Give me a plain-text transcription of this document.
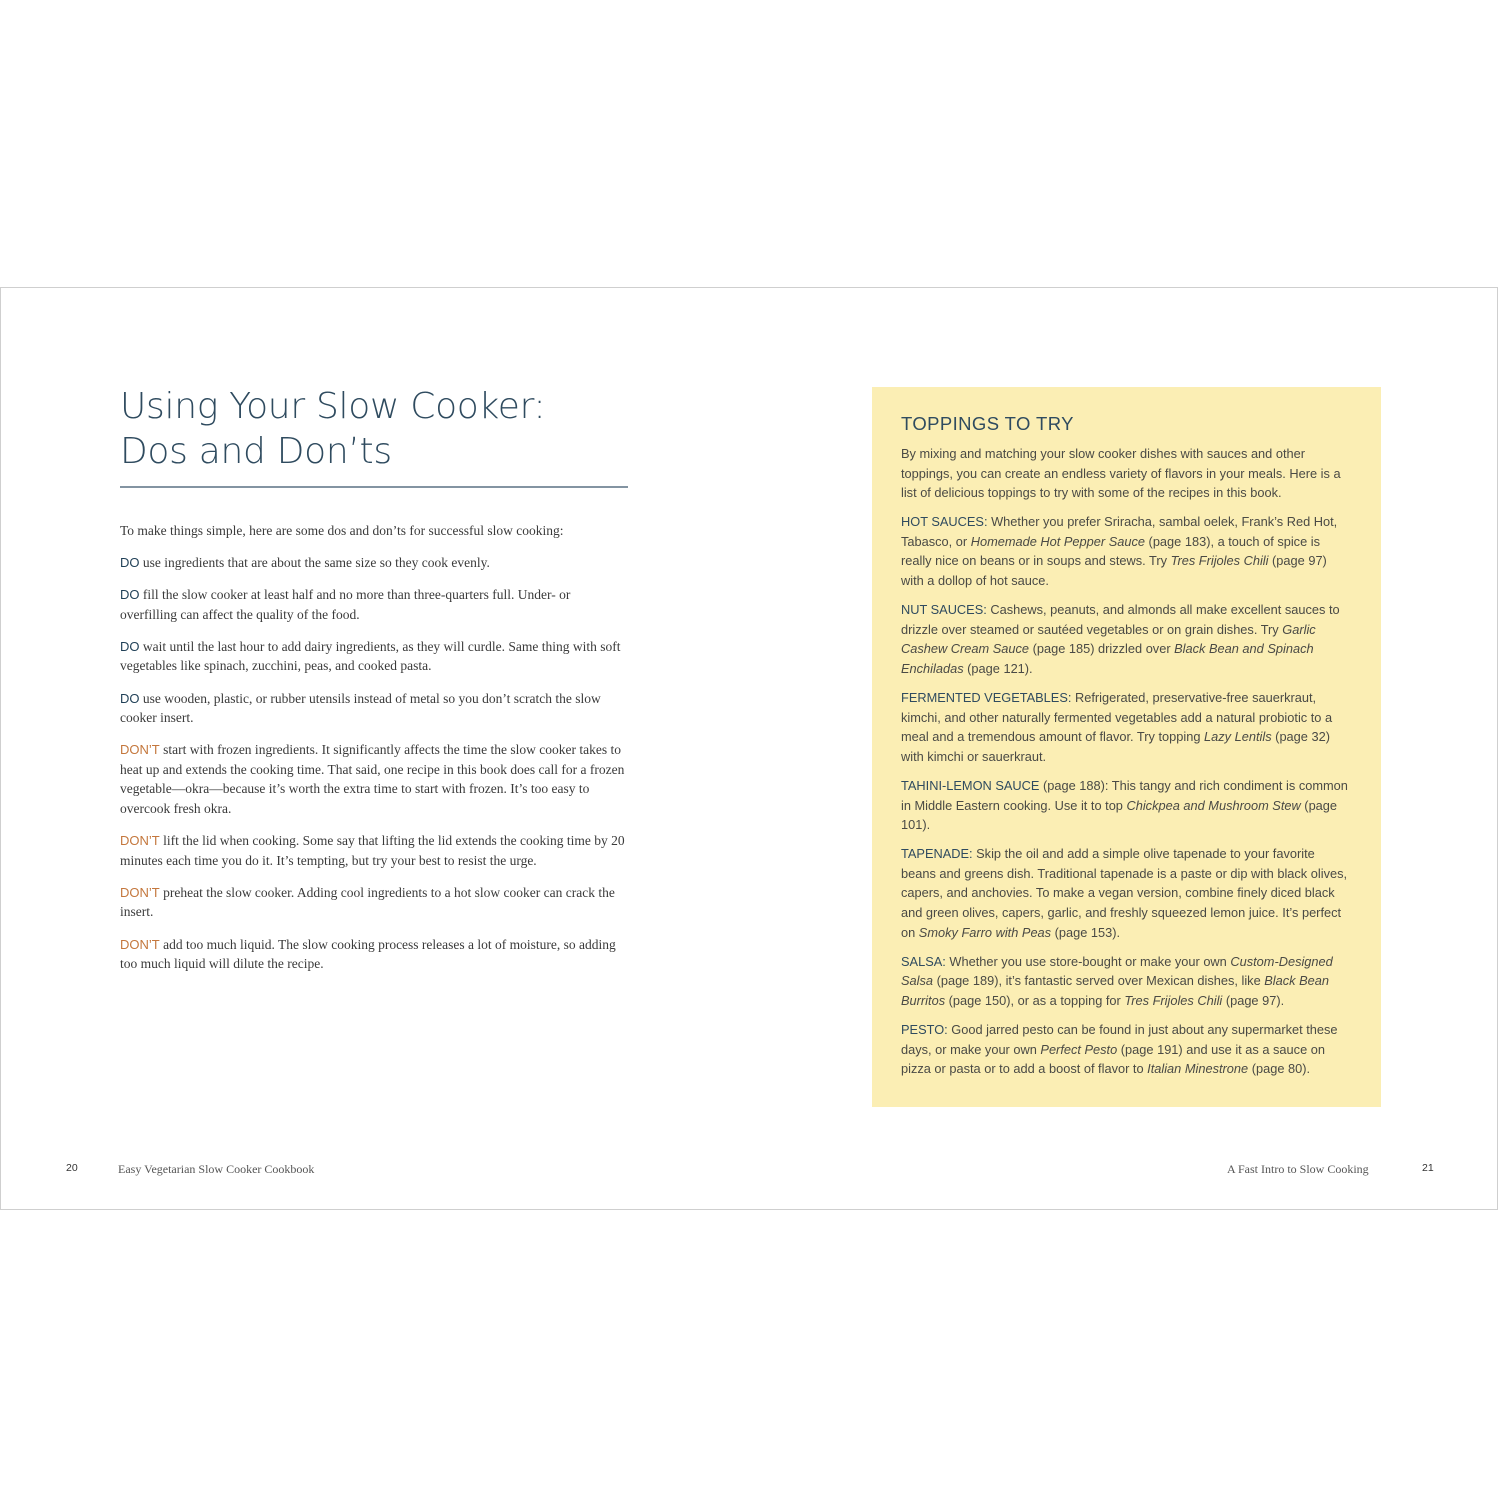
Using Your Slow Cooker:
Dos and Don’ts

To make things simple, here are some dos and don’ts for successful slow cooking:

DO use ingredients that are about the same size so they cook evenly.

DO fill the slow cooker at least half and no more than three-quarters full. Under- or overfilling can affect the quality of the food.

DO wait until the last hour to add dairy ingredients, as they will curdle. Same thing with soft vegetables like spinach, zucchini, peas, and cooked pasta.

DO use wooden, plastic, or rubber utensils instead of metal so you don’t scratch the slow cooker insert.

DON’T start with frozen ingredients. It significantly affects the time the slow cooker takes to heat up and extends the cooking time. That said, one recipe in this book does call for a frozen vegetable—okra—because it’s worth the extra time to start with frozen. It’s too easy to overcook fresh okra.

DON’T lift the lid when cooking. Some say that lifting the lid extends the cooking time by 20 minutes each time you do it. It’s tempting, but try your best to resist the urge.

DON’T preheat the slow cooker. Adding cool ingredients to a hot slow cooker can crack the insert.

DON’T add too much liquid. The slow cooking process releases a lot of moisture, so adding too much liquid will dilute the recipe.

TOPPINGS TO TRY

By mixing and matching your slow cooker dishes with sauces and other toppings, you can create an endless variety of flavors in your meals. Here is a list of delicious toppings to try with some of the recipes in this book.

HOT SAUCES: Whether you prefer Sriracha, sambal oelek, Frank’s Red Hot, Tabasco, or Homemade Hot Pepper Sauce (page 183), a touch of spice is really nice on beans or in soups and stews. Try Tres Frijoles Chili (page 97) with a dollop of hot sauce.

NUT SAUCES: Cashews, peanuts, and almonds all make excellent sauces to drizzle over steamed or sautéed vegetables or on grain dishes. Try Garlic Cashew Cream Sauce (page 185) drizzled over Black Bean and Spinach Enchiladas (page 121).

FERMENTED VEGETABLES: Refrigerated, preservative-free sauerkraut, kimchi, and other naturally fermented vegetables add a natural probiotic to a meal and a tremendous amount of flavor. Try topping Lazy Lentils (page 32) with kimchi or sauerkraut.

TAHINI-LEMON SAUCE (page 188): This tangy and rich condiment is common in Middle Eastern cooking. Use it to top Chickpea and Mushroom Stew (page 101).

TAPENADE: Skip the oil and add a simple olive tapenade to your favorite beans and greens dish. Traditional tapenade is a paste or dip with black olives, capers, and anchovies. To make a vegan version, combine finely diced black and green olives, capers, garlic, and freshly squeezed lemon juice. It’s perfect on Smoky Farro with Peas (page 153).

SALSA: Whether you use store-bought or make your own Custom-Designed Salsa (page 189), it’s fantastic served over Mexican dishes, like Black Bean Burritos (page 150), or as a topping for Tres Frijoles Chili (page 97).

PESTO: Good jarred pesto can be found in just about any supermarket these days, or make your own Perfect Pesto (page 191) and use it as a sauce on pizza or pasta or to add a boost of flavor to Italian Minestrone (page 80).

20	Easy Vegetarian Slow Cooker Cookbook	A Fast Intro to Slow Cooking	21
